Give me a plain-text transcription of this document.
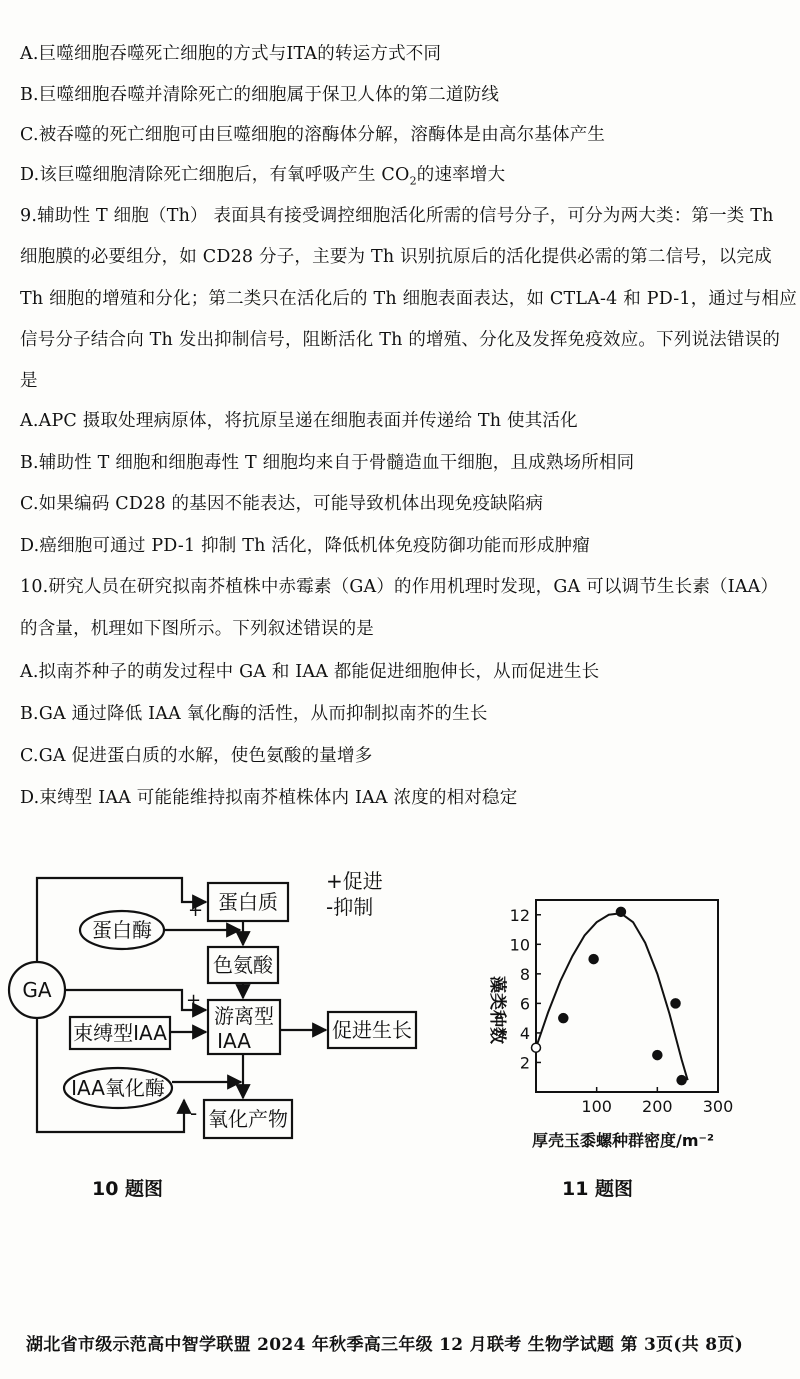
A.巨噬细胞吞噬死亡细胞的方式与ITA的转运方式不同
B.巨噬细胞吞噬并清除死亡的细胞属于保卫人体的第二道防线
C.被吞噬的死亡细胞可由巨噬细胞的溶酶体分解，溶酶体是由高尔基体产生
D.该巨噬细胞清除死亡细胞后，有氧呼吸产生 $CO_2$的速率增大
9.辅助性 T 细胞（Th） 表面具有接受调控细胞活化所需的信号分子，可分为两大类：第一类 Th
细胞膜的必要组分，如 CD28 分子，主要为 Th 识别抗原后的活化提供必需的第二信号，以完成
Th 细胞的增殖和分化；第二类只在活化后的 Th 细胞表面表达，如 CTLA-4 和 PD-1，通过与相应
信号分子结合向 Th 发出抑制信号，阻断活化 Th 的增殖、分化及发挥免疫效应。下列说法错误的
是
A.APC 摄取处理病原体，将抗原呈递在细胞表面并传递给 Th 使其活化
B.辅助性 T 细胞和细胞毒性 T 细胞均来自于骨髓造血干细胞，且成熟场所相同
C.如果编码 CD28 的基因不能表达，可能导致机体出现免疫缺陷病
D.癌细胞可通过 PD-1 抑制 Th 活化，降低机体免疫防御功能而形成肿瘤
10.研究人员在研究拟南芥植株中赤霉素（GA）的作用机理时发现，GA 可以调节生长素（IAA）
的含量，机理如下图所示。下列叙述错误的是
A.拟南芥种子的萌发过程中 GA 和 IAA 都能促进细胞伸长，从而促进生长
B.GA 通过降低 IAA 氧化酶的活性，从而抑制拟南芥的生长
C.GA 促进蛋白质的水解，使色氨酸的量增多
D.束缚型 IAA 可能能维持拟南芥植株体内 IAA 浓度的相对稳定
GA
蛋白质
蛋白酶
色氨酸
游离型
IAA
束缚型IAA	促进生长
IAA氧化酶
氧化产物
+促进
-抑制
+
+
-
10 题图
2
4
6
8
10
12
100 200 300
厚壳玉黍螺种群密度/m⁻²
藻类种数
11 题图
湖北省市级示范高中智学联盟 2024 年秋季高三年级 12 月联考 生物学试题 第 3页(共 8页)
